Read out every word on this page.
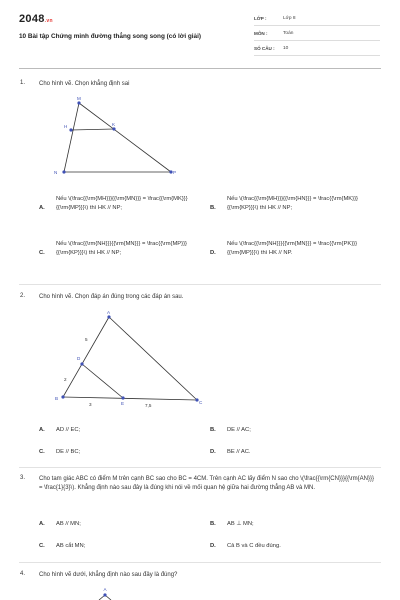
2048.vn
10 Bài tập Chứng minh đường thẳng song song (có lời giải)
LỚP :	Lớp 8
MÔN :	Toán
SỐ CÂU : 10
1. Cho hình vẽ. Chọn khẳng định sai
M
H	K
N	P
A.
Nếu \(\frac{{\rm{MH}}}{{\rm{MN}}} = \frac{{\rm{MK}}}{{\rm{MP}}}\) thì HK // NP;	B.
Nếu \(\frac{{\rm{MH}}}{{\rm{HN}}} = \frac{{\rm{MK}}}{{\rm{KP}}}\) thì HK // NP;
C.
Nếu \(\frac{{\rm{NH}}}{{\rm{MN}}} = \frac{{\rm{MP}}}{{\rm{KP}}}\) thì HK // NP;	D.
Nếu \(\frac{{\rm{NH}}}{{\rm{MN}}} = \frac{{\rm{PK}}}{{\rm{MP}}}\) thì HK // NP.
2. Cho hình vẽ. Chọn đáp án đúng trong các đáp án sau.
A
D
B
E	C
5
2
3	7,5
A. AD // EC;	B. DE // AC;
C. DE // BC;	D. BE // AC.
3. Cho tam giác ABC có điểm M trên cạnh BC sao cho BC = 4CM. Trên cạnh AC lấy điểm N sao cho \(\frac{{\rm{CN}}}{{\rm{AN}}} = \frac{1}{3}\). Khẳng định nào sau đây là đúng khi nói về mối quan hệ giữa hai đường thẳng AB và MN.
A. AB // MN;	B. AB ⊥ MN;
C. AB cắt MN;	D. Cả B và C đều đúng.
4. Cho hình vẽ dưới, khẳng định nào sau đây là đúng?
A
